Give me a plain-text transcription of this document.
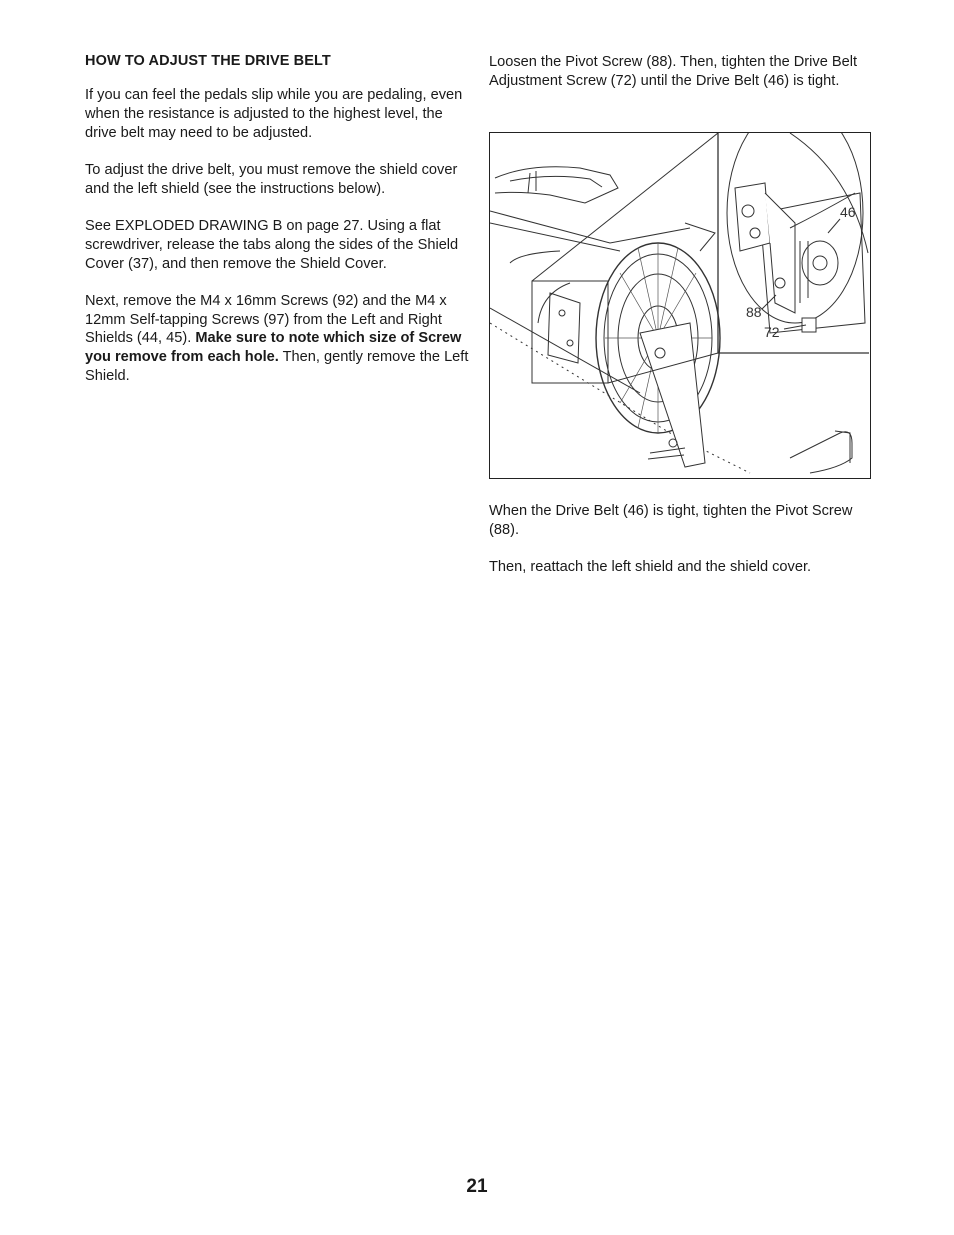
HOW TO ADJUST THE DRIVE BELT

If you can feel the pedals slip while you are pedaling, even when the resistance is adjusted to the highest level, the drive belt may need to be adjusted.

To adjust the drive belt, you must remove the shield cover and the left shield (see the instructions below).

See EXPLODED DRAWING B on page 27. Using a flat screwdriver, release the tabs along the sides of the Shield Cover (37), and then remove the Shield Cover.

Next, remove the M4 x 16mm Screws (92) and the M4 x 12mm Self-tapping Screws (97) from the Left and Right Shields (44, 45). Make sure to note which size of Screw you remove from each hole. Then, gently remove the Left Shield.

Loosen the Pivot Screw (88). Then, tighten the Drive Belt Adjustment Screw (72) until the Drive Belt (46) is tight.

46
88
72

When the Drive Belt (46) is tight, tighten the Pivot Screw (88).

Then, reattach the left shield and the shield cover.

21
